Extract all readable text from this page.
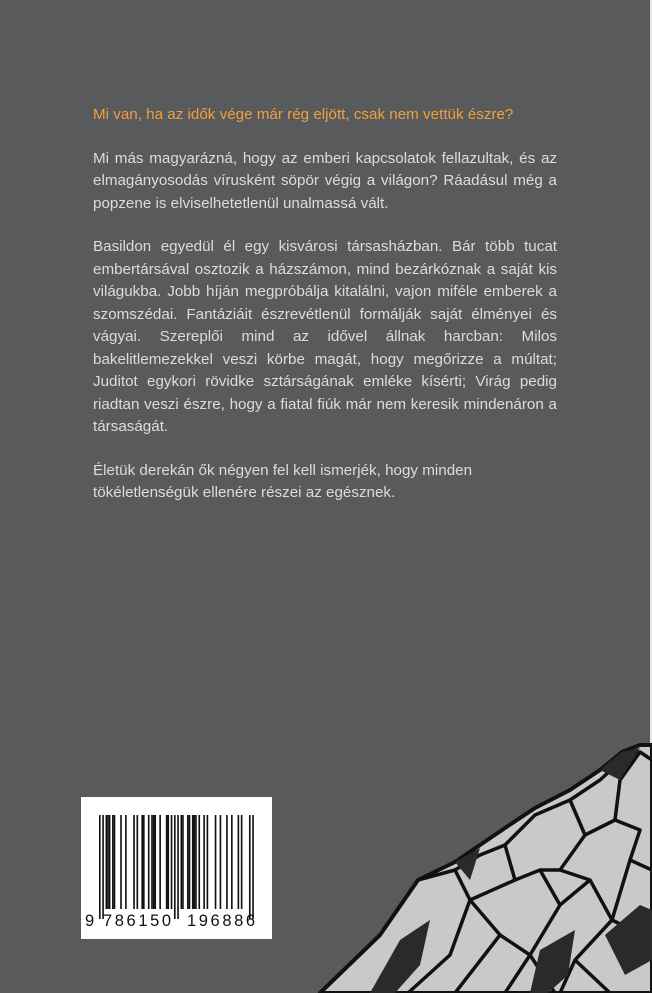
Mi van, ha az idők vége már rég eljött, csak nem vettük észre?

Mi más magyarázná, hogy az emberi kapcsolatok fellazultak, és az elmagányosodás vírusként söpör végig a világon? Ráadásul még a popzene is elviselhetetlenül unalmassá vált.

Basildon egyedül él egy kisvárosi társasházban. Bár több tucat embertársával osztozik a házszámon, mind bezárkóznak a saját kis világukba. Jobb híján megpróbálja kitalálni, vajon miféle emberek a szomszédai. Fantáziáit észrevétlenül formálják saját élményei és vágyai. Szereplői mind az idővel állnak harcban: Milos bakelitlemezekkel veszi körbe magát, hogy megőrizze a múltat; Juditot egykori rövidke sztárságának emléke kísérti; Virág pedig riadtan veszi észre, hogy a fiatal fiúk már nem keresik mindenáron a társaságát.

Életük derekán ők négyen fel kell ismerjék, hogy minden tökéletlenségük ellenére részei az egésznek.

9 786150 196886
